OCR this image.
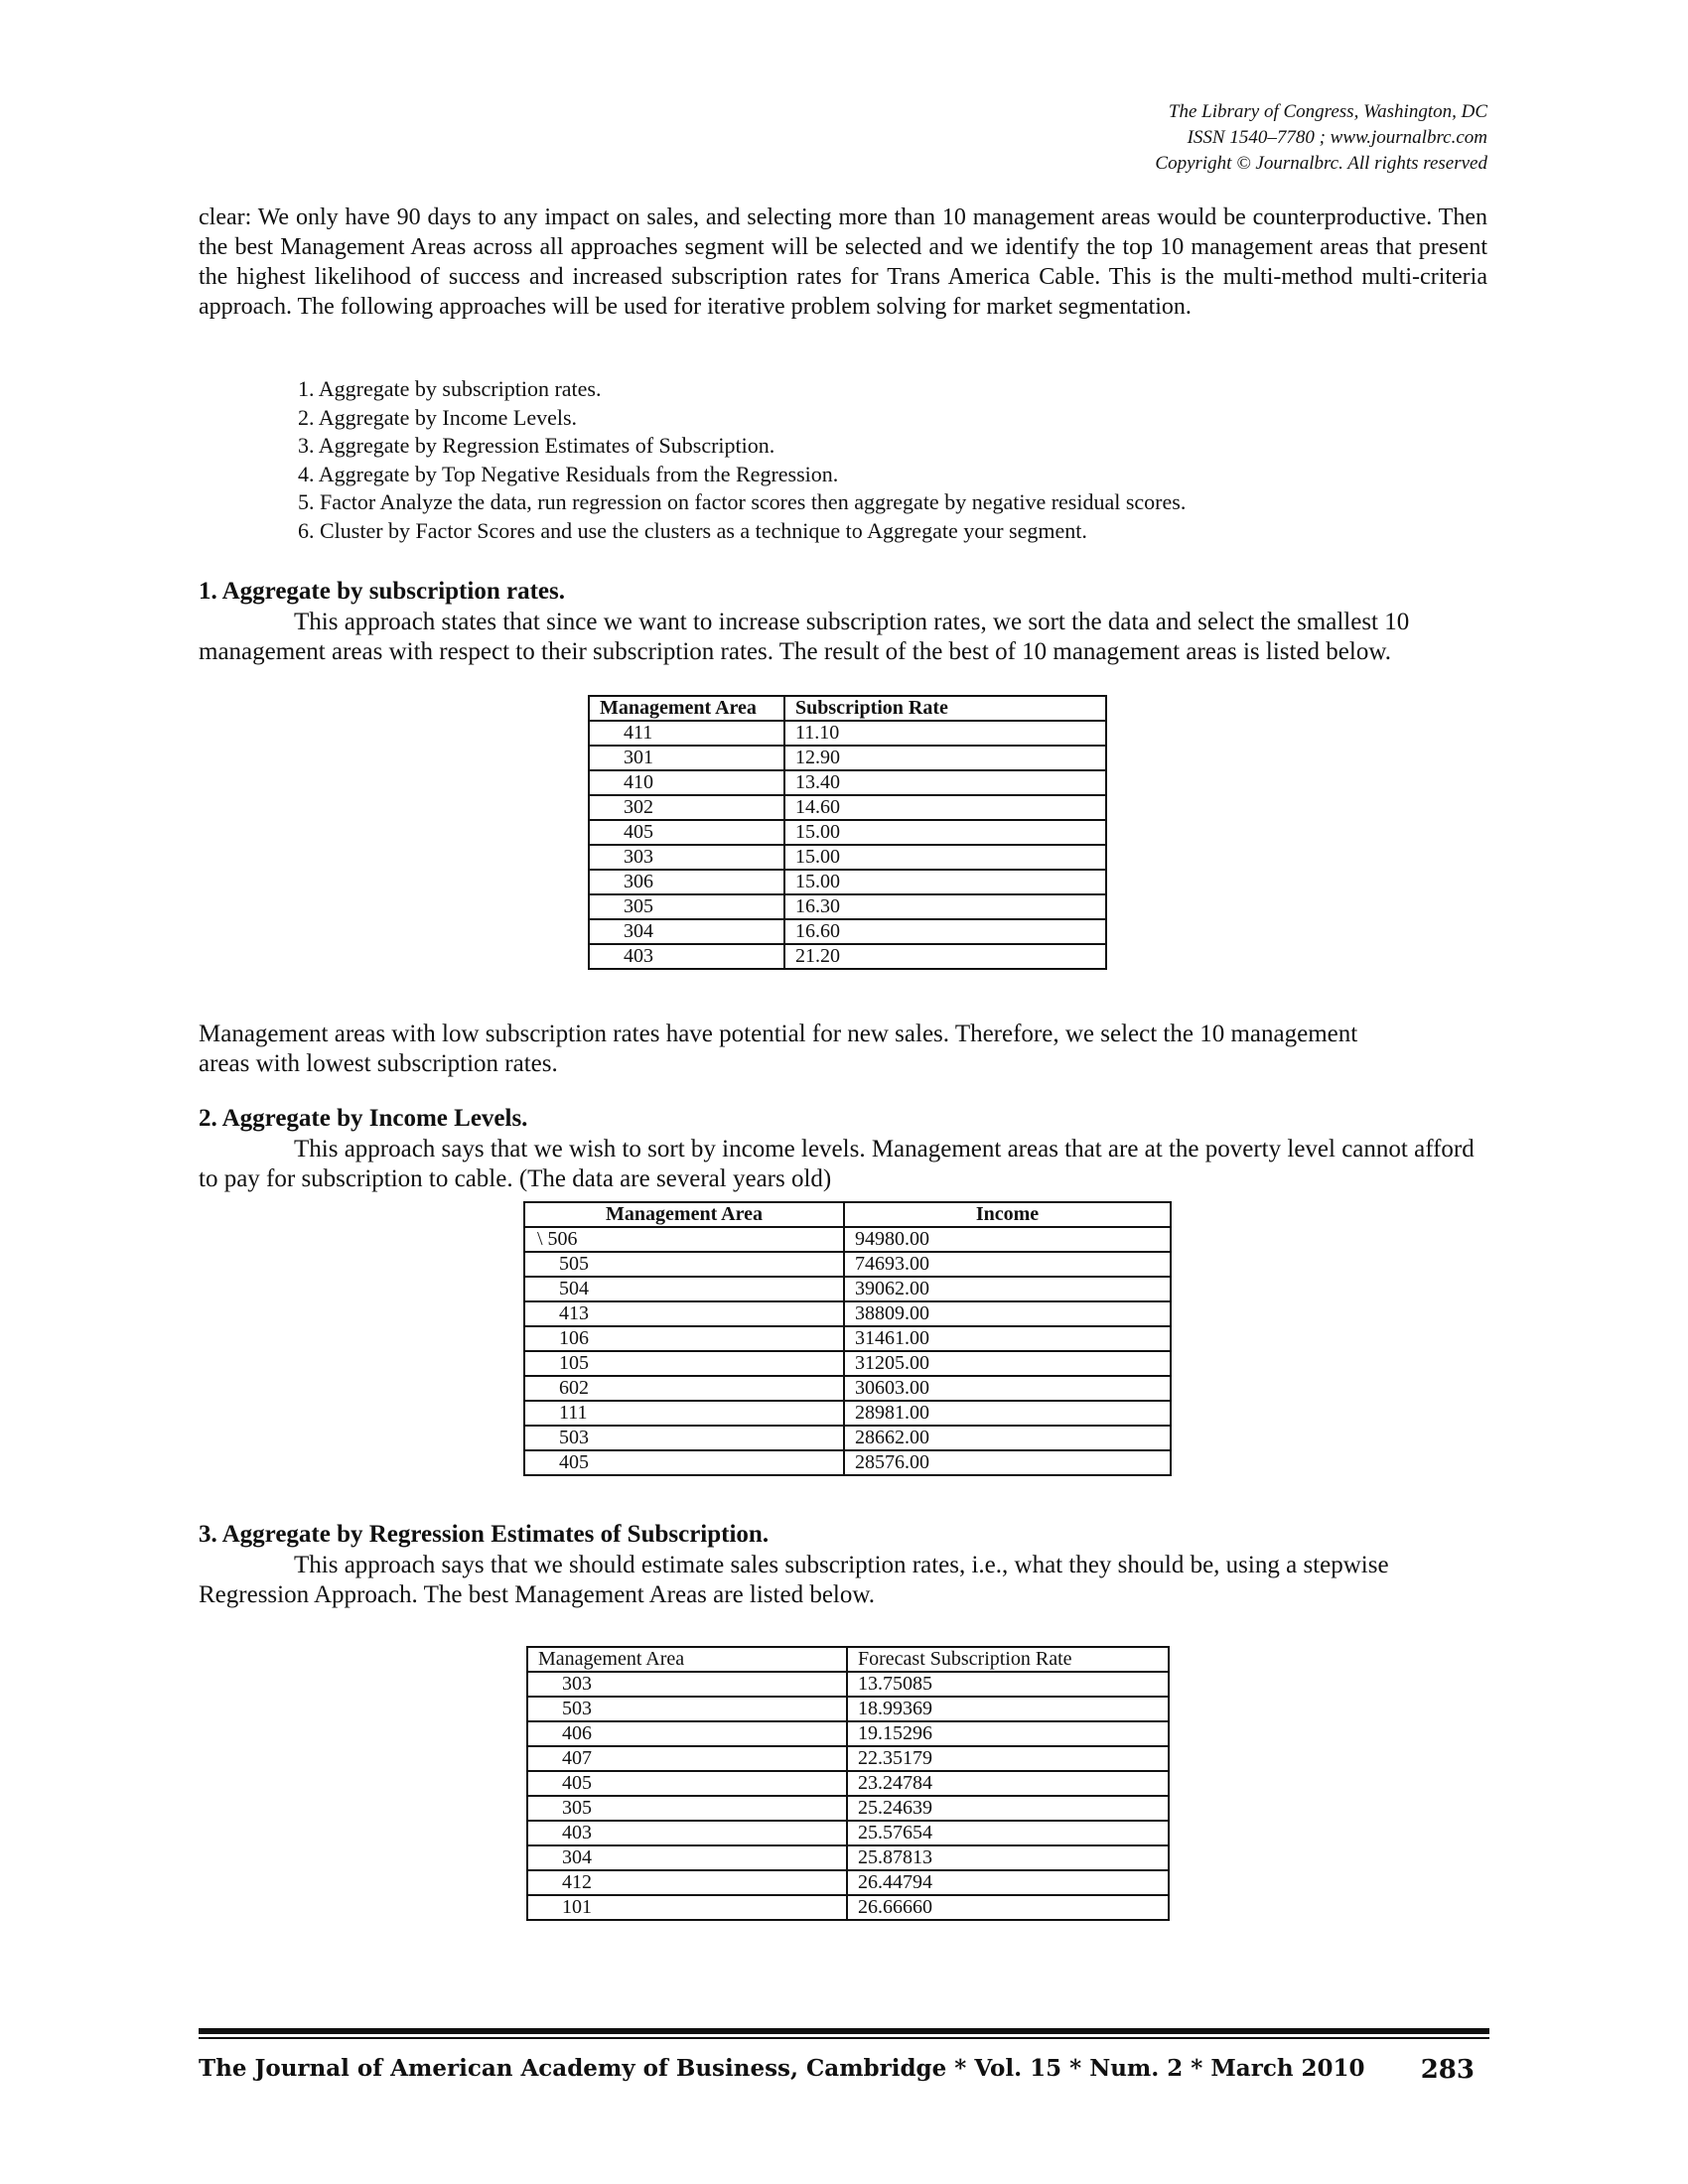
The Library of Congress, Washington, DC
ISSN 1540–7780 ; www.journalbrc.com
Copyright © Journalbrc. All rights reserved

clear: We only have 90 days to any impact on sales, and selecting more than 10 management areas would be counterproductive. Then the best Management Areas across all approaches segment will be selected and we identify the top 10 management areas that present the highest likelihood of success and increased subscription rates for Trans America Cable. This is the multi-method multi-criteria approach. The following approaches will be used for iterative problem solving for market segmentation.

1. Aggregate by subscription rates.
2. Aggregate by Income Levels.
3. Aggregate by Regression Estimates of Subscription.
4. Aggregate by Top Negative Residuals from the Regression.
5. Factor Analyze the data, run regression on factor scores then aggregate by negative residual scores.
6. Cluster by Factor Scores and use the clusters as a technique to Aggregate your segment.

1. Aggregate by subscription rates.

This approach states that since we want to increase subscription rates, we sort the data and select the smallest 10 management areas with respect to their subscription rates. The result of the best of 10 management areas is listed below.

Management Area	Subscription Rate
411	11.10
301	12.90
410	13.40
302	14.60
405	15.00
303	15.00
306	15.00
305	16.30
304	16.60
403	21.20

Management areas with low subscription rates have potential for new sales. Therefore, we select the 10 management areas with lowest subscription rates.

2. Aggregate by Income Levels.

This approach says that we wish to sort by income levels. Management areas that are at the poverty level cannot afford to pay for subscription to cable. (The data are several years old)

Management Area	Income
\ 506	94980.00
505	74693.00
504	39062.00
413	38809.00
106	31461.00
105	31205.00
602	30603.00
111	28981.00
503	28662.00
405	28576.00

3. Aggregate by Regression Estimates of Subscription.

This approach says that we should estimate sales subscription rates, i.e., what they should be, using a stepwise Regression Approach. The best Management Areas are listed below.

Management Area	Forecast Subscription Rate
303	13.75085
503	18.99369
406	19.15296
407	22.35179
405	23.24784
305	25.24639
403	25.57654
304	25.87813
412	26.44794
101	26.66660
The Journal of American Academy of Business, Cambridge * Vol. 15 * Num. 2 * March 2010 283
